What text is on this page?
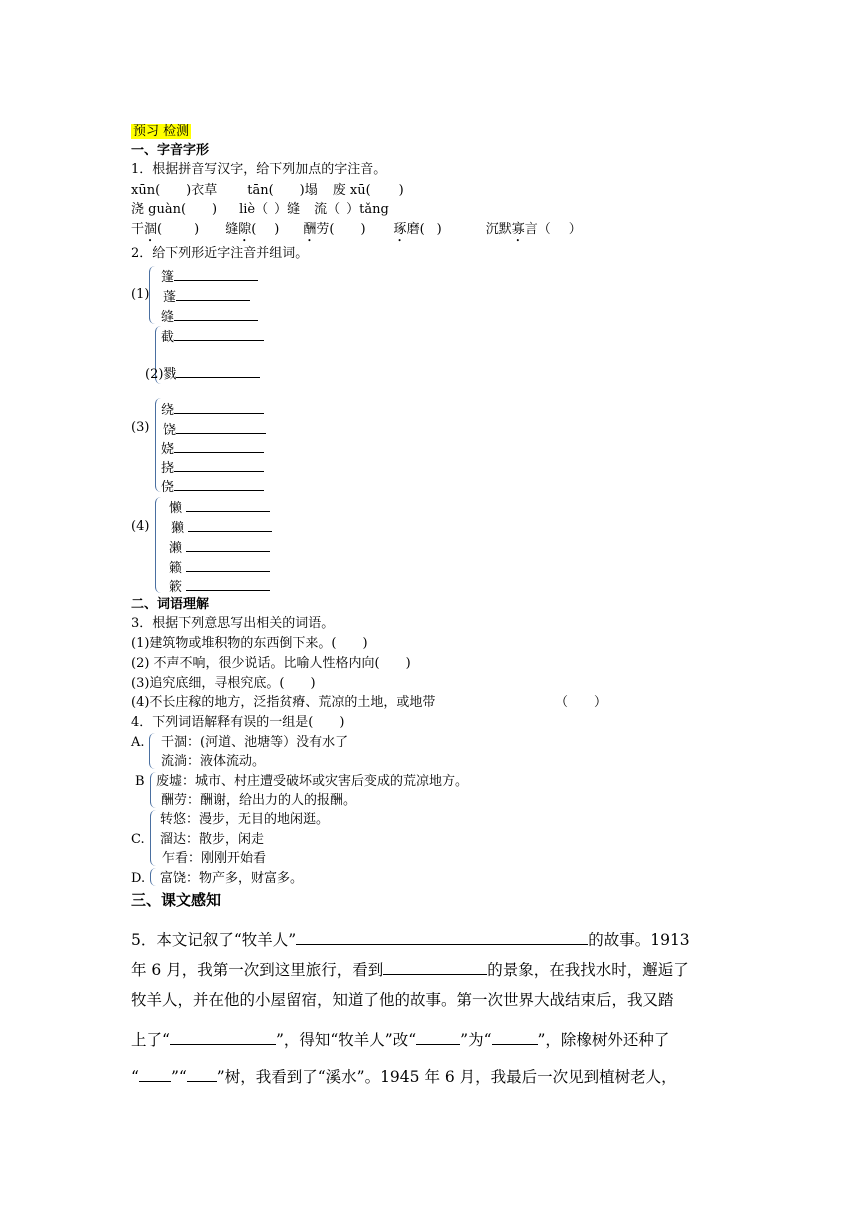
预习 检测
一、字音字形
1．根据拼音写汉字，给下列加点的字注音。
xūn( )衣草 tān( )塌 废 xū( )
浇 guàn( ) liè（ ）缝 流（ ）tǎng
干涸( ) 缝隙( ) 酬劳( ) 琢磨( )	沉默寡言（ ）
2．给下列形近字注音并组词。
(1)
篷
蓬
缝
截
(2)戮
(3)
绕
饶
娆
挠
侥
(4)
懒
獭
濑
籁
簌
二、词语理解
3．根据下列意思写出相关的词语。
(1)建筑物或堆积物的东西倒下来。(　　)
(2) 不声不响，很少说话。比喻人性格内向(　　)
(3)追究底细，寻根究底。(　　)
(4)不长庄稼的地方，泛指贫瘠、荒凉的土地，或地带	（　　）
4．下列词语解释有误的一组是(　　)
A. 干涸：(河道、池塘等）没有水了
流淌：液体流动。
B 废墟：城市、村庄遭受破坏或灾害后变成的荒凉地方。
酬劳：酬谢，给出力的人的报酬。
C.
转悠：漫步，无目的地闲逛。
溜达：散步，闲走
乍看：刚刚开始看
D. 富饶：物产多，财富多。
三、课文感知
5．本文记叙了“牧羊人”	的故事。1913
年 6 月，我第一次到这里旅行，看到	的景象，在我找水时，邂逅了
牧羊人，并在他的小屋留宿，知道了他的故事。第一次世界大战结束后，我又踏
上了“	”，得知“牧羊人”改“	”为“	”，除橡树外还种了
“ ”“ ”树，我看到了“溪水”。1945 年 6 月，我最后一次见到植树老人，
